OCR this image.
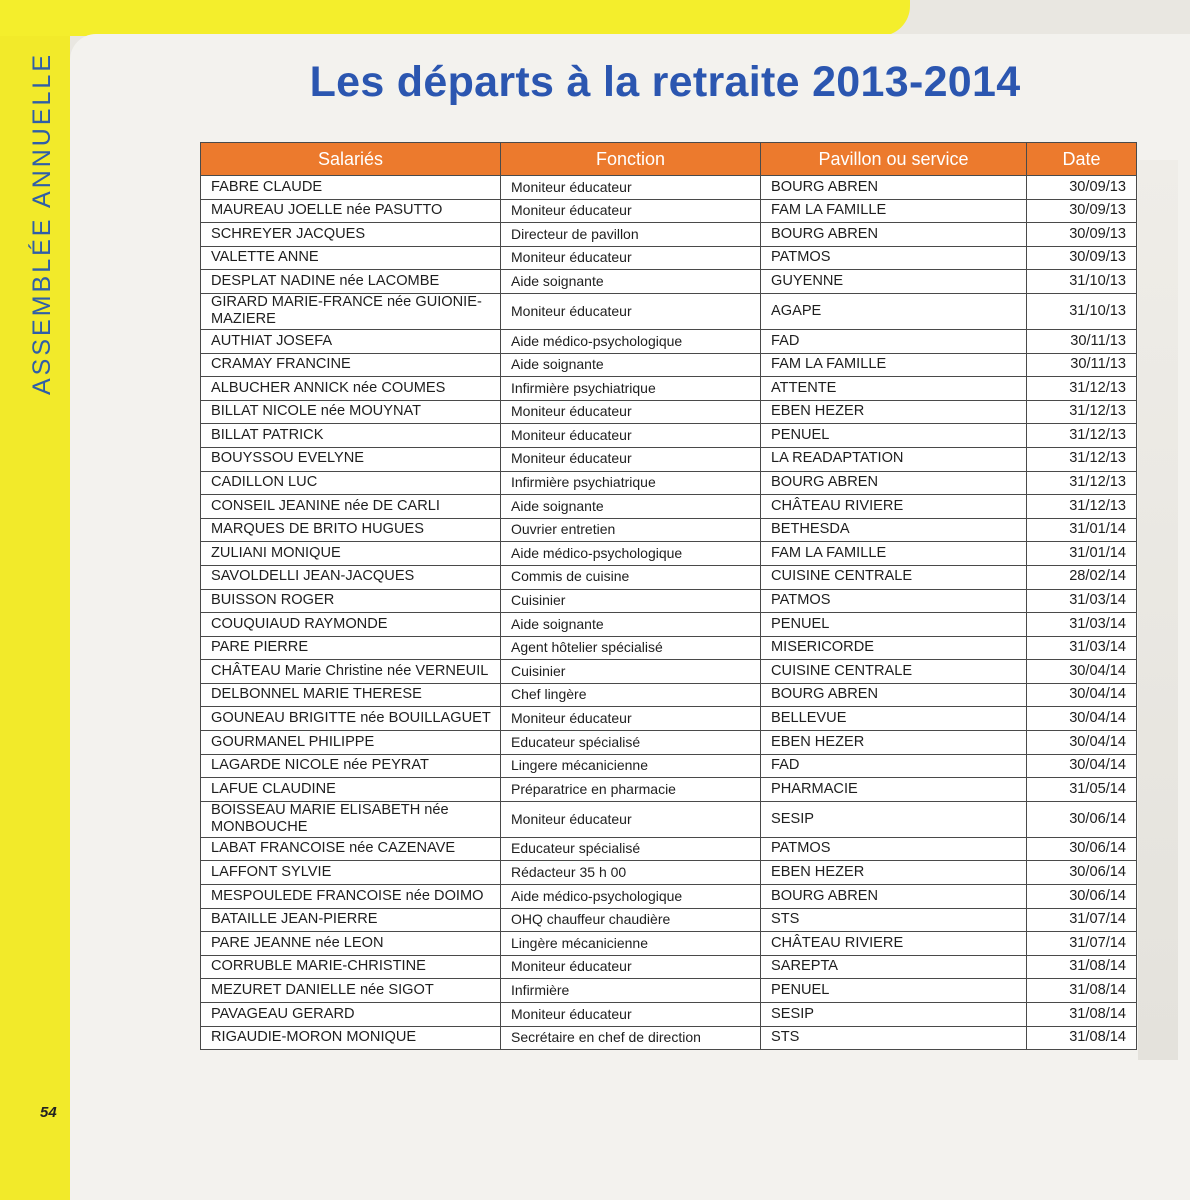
ASSEMBLÉE ANNUELLE	Les départs à la retraite 2013-2014
Salariés	Fonction	Pavillon ou service	Date
FABRE CLAUDE	Moniteur éducateur	BOURG ABREN	30/09/13
MAUREAU JOELLE née PASUTTO	Moniteur éducateur	FAM LA FAMILLE	30/09/13
SCHREYER JACQUES	Directeur de pavillon	BOURG ABREN	30/09/13
VALETTE ANNE	Moniteur éducateur	PATMOS	30/09/13
DESPLAT NADINE née LACOMBE	Aide soignante	GUYENNE	31/10/13
GIRARD MARIE-FRANCE née GUIONIE-MAZIERE	Moniteur éducateur	AGAPE	31/10/13
AUTHIAT JOSEFA	Aide médico-psychologique	FAD	30/11/13
CRAMAY FRANCINE	Aide soignante	FAM LA FAMILLE	30/11/13
ALBUCHER ANNICK née COUMES	Infirmière psychiatrique	ATTENTE	31/12/13
BILLAT NICOLE née MOUYNAT	Moniteur éducateur	EBEN HEZER	31/12/13
BILLAT PATRICK	Moniteur éducateur	PENUEL	31/12/13
BOUYSSOU EVELYNE	Moniteur éducateur	LA READAPTATION	31/12/13
CADILLON LUC	Infirmière psychiatrique	BOURG ABREN	31/12/13
CONSEIL JEANINE née DE CARLI	Aide soignante	CHÂTEAU RIVIERE	31/12/13
MARQUES DE BRITO HUGUES	Ouvrier entretien	BETHESDA	31/01/14
ZULIANI MONIQUE	Aide médico-psychologique	FAM LA FAMILLE	31/01/14
SAVOLDELLI JEAN-JACQUES	Commis de cuisine	CUISINE CENTRALE	28/02/14
BUISSON ROGER	Cuisinier	PATMOS	31/03/14
COUQUIAUD RAYMONDE	Aide soignante	PENUEL	31/03/14
PARE PIERRE	Agent hôtelier spécialisé	MISERICORDE	31/03/14
CHÂTEAU Marie Christine née VERNEUIL	Cuisinier	CUISINE CENTRALE	30/04/14
DELBONNEL MARIE THERESE	Chef lingère	BOURG ABREN	30/04/14
GOUNEAU BRIGITTE née BOUILLAGUET	Moniteur éducateur	BELLEVUE	30/04/14
GOURMANEL PHILIPPE	Educateur spécialisé	EBEN HEZER	30/04/14
LAGARDE NICOLE née PEYRAT	Lingere mécanicienne	FAD	30/04/14
LAFUE CLAUDINE	Préparatrice en pharmacie	PHARMACIE	31/05/14
BOISSEAU MARIE ELISABETH née MONBOUCHE	Moniteur éducateur	SESIP	30/06/14
LABAT FRANCOISE née CAZENAVE	Educateur spécialisé	PATMOS	30/06/14
LAFFONT SYLVIE	Rédacteur 35 h 00	EBEN HEZER	30/06/14
MESPOULEDE FRANCOISE née DOIMO	Aide médico-psychologique	BOURG ABREN	30/06/14
BATAILLE JEAN-PIERRE	OHQ chauffeur chaudière	STS	31/07/14
PARE JEANNE née LEON	Lingère mécanicienne	CHÂTEAU RIVIERE	31/07/14
CORRUBLE MARIE-CHRISTINE	Moniteur éducateur	SAREPTA	31/08/14
MEZURET DANIELLE née SIGOT	Infirmière	PENUEL	31/08/14
PAVAGEAU GERARD	Moniteur éducateur	SESIP	31/08/14
RIGAUDIE-MORON MONIQUE	Secrétaire en chef de direction	STS	31/08/14
54
